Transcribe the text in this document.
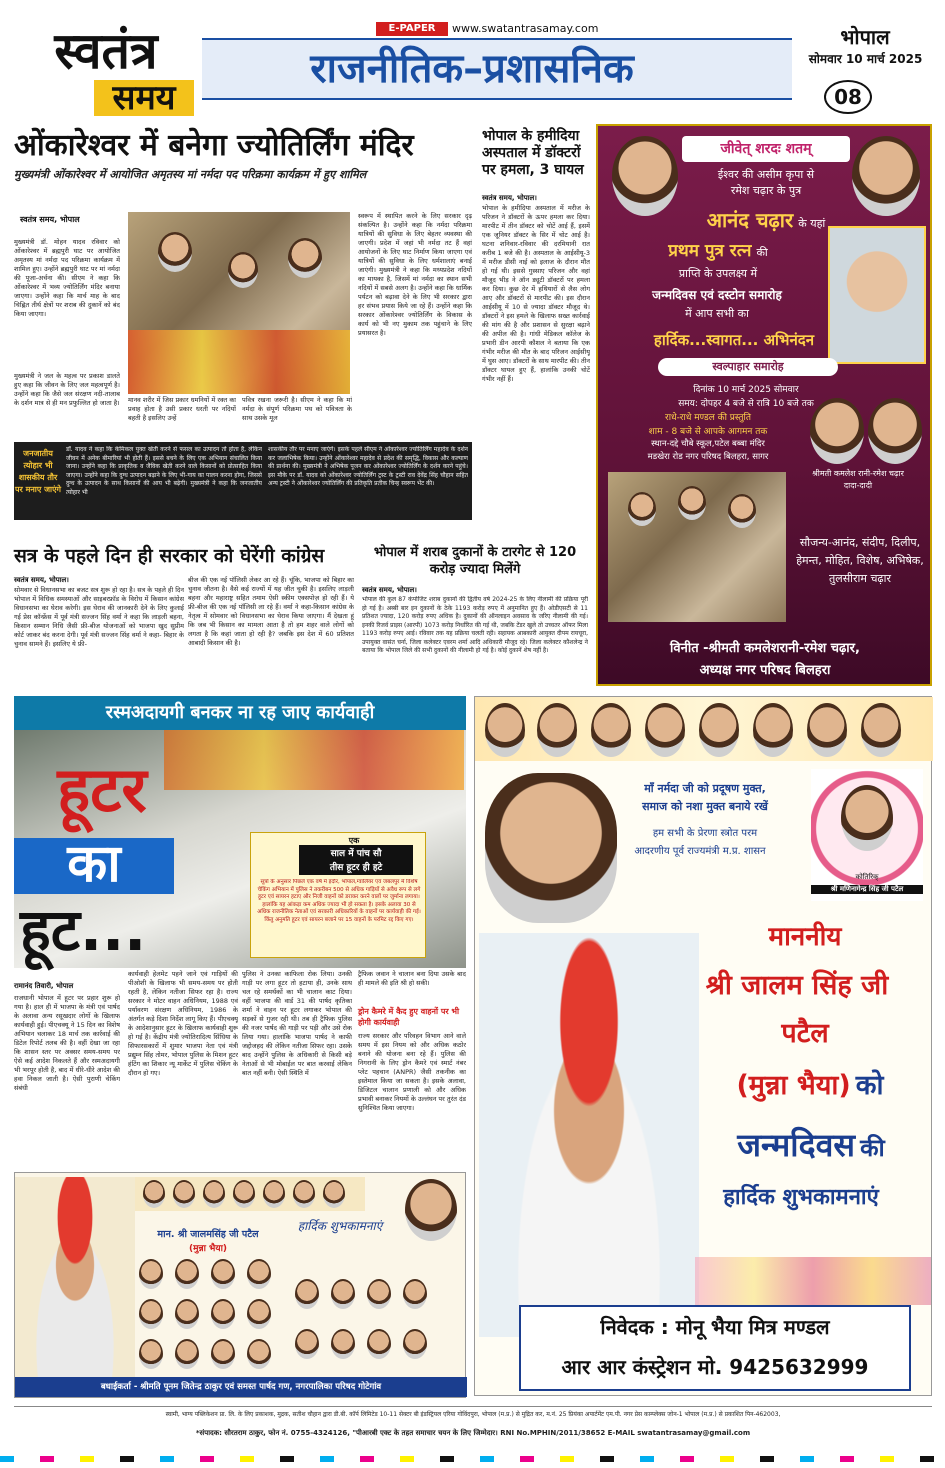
स्वतंत्र
समय
E-PAPER	www.swatantrasamay.com
राजनीतिक–प्रशासनिक
भोपाल
सोमवार 10 मार्च 2025
08
ओंकारेश्वर में बनेगा ज्योतिर्लिंग मंदिर
मुख्यमंत्री ओंकारेश्वर में आयोजित अमृतस्य मां नर्मदा पद परिक्रमा कार्यक्रम में हुए शामिल
स्वतंत्र समय, भोपाल
मुख्यमंत्री डॉ. मोहन यादव रविवार को ओंकारेश्वर में ब्रह्मपुरी घाट पर आयोजित अमृतस्य मां नर्मदा पद परिक्रमा कार्यक्रम में शामिल हुए। उन्होंने ब्रह्मपुरी घाट पर मां नर्मदा की पूजा-अर्चना की। सीएम ने कहा कि ओंकारेश्वर में भव्य ज्योतिर्लिंग मंदिर बनाया जाएगा। उन्होंने कहा कि मार्च माह के बाद चिह्नित तीर्थ क्षेत्रों पर शराब की दुकानें को बंद किया जाएगा।
मुख्यमंत्री ने जल के महत्व पर प्रकाश डालते हुए कहा कि जीवन के लिए जल महत्वपूर्ण है। उन्होंने कहा कि जैसे जल संरक्षण नदी-तालाब के दर्शन मात्र से ही मन प्रफुल्लित हो जाता है। मानव शरीर में जिस प्रकार धमनियों में रक्त का प्रवाह होता है उसी प्रकार धरती पर नदियों बहती है इसलिए उन्हें
पवित्र रखना जरूरी है। सीएम ने कहा कि मां नर्मदा के संपूर्ण परिक्रमा पथ को पवित्रता के साथ उसके मूल
स्वरूप में स्थापित करने के लिए सरकार दृढ़ संकल्पित है। उन्होंने कहा कि नर्मदा परिक्रमा यात्रियों की सुविधा के लिए बेहतर व्यवस्था की जाएगी। प्रदेश में जहां भी नर्मदा तट हैं वहां आयोजनों के लिए घाट निर्माण किया जाएगा एवं यात्रियों की सुविधा के लिए धर्मशालाएं बनाई जाएंगी। मुख्यमंत्री ने कहा कि मध्यप्रदेश नदियों का मायका है, जिसमें मां नर्मदा का स्थान सभी नदियों में सबसे अलग है। उन्होंने कहा कि धार्मिक पर्यटन को बढ़ावा देने के लिए भी सरकार द्वारा हर संभव प्रयास किये जा रहे हैं। उन्होंने कहा कि सरकार ओंकारेश्वर ज्योतिर्लिंग के विकास के कार्य को भी नए मुकाम तक पहुंचाने के लिए प्रयासरत है।
जनजातीय त्योहार भी शासकीय तौर पर मनाए जाएंगे
डॉ. यादव ने कहा कि केमिकल युक्त खेती करने से फसल का उत्पादन तो होता है, लेकिन जीवन में अनेक बीमारियां भी होती हैं। इससे बचने के लिए एक अभियान संचालित किया जाना। उन्होंने कहा कि प्राकृतिक व जैविक खेती करने वाले किसानों को प्रोत्साहित किया जाएगा। उन्होंने कहा कि दुग्ध उत्पादन बढ़ाने के लिए भी-गाय का पालन करना होगा, जिससे दुग्ध के उत्पादन के साथ किसानों की आय भी बढ़ेगी। मुख्यमंत्री ने कहा कि जनजातीय त्योहार भी
शासकीय तौर पर मनाए जाएंगे। इसके पहले सीएम ने ओंकारेश्वर ज्योतिर्लिंग महादेव के दर्शन कर जलाभिषेक किया। उन्होंने ओंकारेश्वर महादेव से प्रदेश की समृद्धि, विकास और कल्याण की प्रार्थना की। मुख्यमंत्री ने अभिषेक पूजन कर ओंकारेश्वर ज्योतिर्लिंग के दर्शन करने पहुंचे। इस मौके पर डॉ. यादव को ओंकारेश्वर ज्योतिर्लिंग ट्रस्ट के ट्रस्टी राव देवेंद्र सिंह चौहान सहित अन्य ट्रस्टी ने ओंकारेश्वर ज्योतिर्लिंग की प्रतिकृति प्रतीक चिन्ह स्वरूप भेंट की।
भोपाल के हमीदिया अस्पताल में डॉक्टरों पर हमला, 3 घायल
स्वतंत्र समय, भोपाल।
भोपाल के हमीदिया अस्पताल में मरीज के परिजन ने डॉक्टरों के ऊपर हमला कर दिया। मारपीट में तीन डॉक्टर को चोटें आई हैं, इसमें एक जूनियर डॉक्टर के सिर में चोट आई है। घटना शनिवार-रविवार की दरमियानी रात करीब 1 बजे की है। अस्पताल के आईसीयू-3 में मरीज डीसी नाई को इलाज के दौरान मौत हो गई थी। इससे गुस्साए परिजन और वहां मौजूद भीड़ ने ऑन ड्यूटी डॉक्टरों पर हमला कर दिया। कुछ देर में हथियारों से लैस लोग आए और डॉक्टरों से मारपीट की। इस दौरान आईसीयू में 10 से ज्यादा डॉक्टर मौजूद थे। डॉक्टरों ने इस हमले के खिलाफ सख्त कार्रवाई की मांग की है और प्रशासन से सुरक्षा बढ़ाने की अपील की है। गांधी मेडिकल कॉलेज के प्रभारी डीन आरपी कौशल ने बताया कि एक गंभीर मरीज की मौत के बाद परिजन आईसीयू में घुस आए। डॉक्टरों के साथ मारपीट की। तीन डॉक्टर घायल हुए हैं, हालांकि उनकी चोटें गंभीर नहीं हैं।
जीवेत् शरदः शतम्
ईश्वर की असीम कृपा से
रमेश चढ़ार के पुत्र
आनंद चढ़ार के यहां
प्रथम पुत्र रत्न की
प्राप्ति के उपलक्ष्य में
जन्मदिवस एवं दस्टोन समारोह
में आप सभी का
हार्दिक...स्वागत... अभिनंदन
स्वल्पाहार समारोह
दिनांक 10 मार्च 2025 सोमवार
समय: दोपहर 4 बजे से रात्रि 10 बजे तक
राधे-राधे मण्डल की प्रस्तुति
शाम - 8 बजे से आपके आगमन तक
स्थान-दद्दे चौबे स्कूल,पटेल बब्बा मंदिर
मडखेरा रोड नगर परिषद बिलहरा, सागर
श्रीमती कमलेश रानी-रमेश चढ़ार
दादा-दादी
सौजन्य-आनंद, संदीप, दिलीप, हेमन्त, मोहित, विशेष, अभिषेक, तुलसीराम चढ़ार
विनीत -श्रीमती कमलेशरानी-रमेश चढ़ार,
अध्यक्ष नगर परिषद बिलहरा
सत्र के पहले दिन ही सरकार को घेरेंगी कांग्रेस
स्वतंत्र समय, भोपाल।
सोमवार से विधानसभा का बजट सत्र शुरू हो रहा है। सत्र के पहले ही दिन भोपाल में विधिक समस्याओं और साइबरफ्रॉड के विरोध में किसान कांग्रेस विधानसभा का घेराव करेगी। इस घेराव की जानकारी देने के लिए कुलाई गई प्रेस कॉन्फ्रेंस में पूर्व मंत्री सज्जन सिंह वर्मा ने कहा कि लाड़ली बहना, किसान सम्मान निधि जैसी फ्री-बीज योजनाओं को भाजपा खुद सुप्रीम कोर्ट जाकर बंद करना देगी। पूर्व मंत्री सज्जन सिंह वर्मा ने कहा- बिहार के चुनाव सामने हैं। इसलिए ये फ्री-
बीज की एक नई पॉलिसी लेकर आ रहे हैं। चूंकि, भाजपा को बिहार का चुनाव जीतना है। वैसे कई राज्यों में यह जीत चुकी है। इसलिए लाड़ली बहना और महाराष्ट्र सहित तमाम ऐसी स्कीम एक्सपोज़ हो रही हैं। ये फ्री-बीज की एक नई पॉलिसी ला रहे हैं। वर्मा ने कहा-किसान कांग्रेस के नेतृत्व में सोमवार को विधानसभा का घेराव किया जाएगा। मैं देखता हूं कि जब भी किसान का मामला आता है तो हम शहर वाले लोगों को लगता है कि कहां जाता हो रही है? जबकि इस देश में 60 प्रतिशत आबादी किसान की है।
भोपाल में शराब दुकानों के टारगेट से 120 करोड़ ज्यादा मिलेंगे
स्वतंत्र समय, भोपाल।
भोपाल की कुल 87 कंपोजिट शराब दुकानों की द्वितीय वर्ष 2024-25 के लिए नीलामी की प्रक्रिया पूरी हो गई है। अब्बी बार इन दुकानों के ठेके 1193 करोड़ रुपए में अनुमानित हुए हैं। ओडीएसटी से 11 प्रतिशत ज्यादा, 120 करोड़ रुपए अधिक है। दुकानों की ऑनलाइन अवसाव के जरिए नीलामी की गई। इनकी रिजर्व प्राइस (आरपी) 1073 करोड़ निर्धारित की गई थी, जबकि टेंडर खुले तो उच्चतर ऑफर मिला 1193 करोड़ रुपए आई। रविवार तक यह प्रक्रिया चलती रही। सहायक आबकारी आयुक्त दीपम रायचूरा, उपायुक्त वासंत चर्ना, जिला कलेक्टर एवरम शर्मा आदि अधिकारी मौजूद रहे। जिला कलेक्टर कौशलेन्द्र ने बताया कि भोपाल जिले की सभी दुकानों की नीलामी हो गई है। कोई दुकानें शेष नहीं है।
रस्मअदायगी बनकर ना रह जाए कार्यवाही
हूटर
का
हूट...
एक
साल में पांच सौ
तीस हूटर ही हटे
सूत्रों के अनुसार पिछले एक वर्ष में इंदौर, भोपाल,ग्वालियर एवं जबलपुर में विशेष चेकिंग अभियान में पुलिस ने तकरीबन 500 से अधिक गाड़ियों से अवैध रूप से लगे हूटर एवं सायरन हटाए और निजी वाहनों को डराकर करने वालों पर जुर्माना लगाया। हालांकि यह आंकड़ा कम अधिक ज्यादा भी हो सकता है। इसके अलावा 30 से अधिक राजनीतिक नेताओं एवं सरकारी अधिकारियों के वाहनों पर कार्यवाही की गई। किंतु अनुमति हूटर एवं सायरन बजाने पर 15 वाहनों के परमिट रद्द किए गए।
रामानंद तिवारी, भोपाल
राजधानी भोपाल में हूटर पर प्रहार शुरू हो गया है। हाल ही में भाजपा के मंत्री एवं पार्षद के अलावा अन्य रसूखदार लोगों के खिलाफ कार्यवाही हुई। पीएचक्यू ने 15 दिन का विशेष अभियान चलाकर 18 मार्च तक कार्रवाई की डिटेल रिपोर्ट तलब की है। वहीं देखा जा रहा कि शासन स्तर पर अक्सर समय-समय पर ऐसे कई आदेश निकलते हैं और रस्मअदायगी भी भरपूर होती है, बाद में धीरे-धीरे आदेश की हवा निकल जाती है। ऐसी पुराणी चेकिंग संबंधी
कार्यवाही हेलमेट पहने जाने एवं गाड़ियों की पीओशी के खिलाफ भी समय-समय पर होती रहती है, लेकिन नतीजा सिफर रहा है। राज्य सरकार ने मोटर वाहन अधिनियम, 1988 एवं पर्यावरण संरक्षण अधिनियम, 1986 के अंतर्गत कड़े दिशा निर्देश लागू किए हैं। पीएचक्यू के आदेशानुसार हूटर के खिलाफ कार्यवाही शुरू हो गई है। केंद्रीय मंत्री ज्योतिरादित्य सिंधिया के सिफारसकारों में शुमार भाजपा नेता एवं मंत्री प्रद्युम्न सिंह तोमर, भोपाल पुलिस के मिशन हूटर हंटिंग का शिकार न्यू मार्केट में पुलिस चेकिंग के दौरान हो गए।
पुलिस ने उनका काफिला रोक लिया। उनकी गाड़ी पर लगा हूटर तो हटाया ही, उनके साथ चल रहे समर्थकों का भी चालान काट दिया। वहीं भाजपा की वार्ड 31 की पार्षद कृतिका शर्मा ने वाहन पर हूटर लगाकर भोपाल की सड़कों से गुजर रही थी। तब ही ट्रैफिक पुलिस की नजर पार्षद की गाड़ी पर पड़ी और उसे रोक लिया गया। हालांकि भाजपा पार्षद ने काफी जद्दोजहद की लेकिन नतीजा सिफर रहा। उसके बाद उन्होंने पुलिस के अधिकारी से किसी बड़े नेताओं से भी मोबाईल पर बात करवाई लेकिन बात नहीं बनी। ऐसी स्थिति में
ट्रैफिक जवान ने चालान बना दिया उसके बाद ही मामले की इति श्री हो सकी।
ड्रोन कैमरे में कैद हुए वाहनों पर भी होगी कार्यवाही
राज्य सरकार और परिवहन विभाग आने वाले समय में इस नियम को और अधिक कठोर बनाने की योजना बना रहे हैं। पुलिस की निगरानी के लिए ड्रोन कैमरे एवं स्मार्ट नंबर प्लेट पहचान (ANPR) जैसी तकनीक का इस्तेमाल किया जा सकता है। इसके अलावा, डिजिटल चालान प्रणाली को और अधिक प्रभावी बनाकर नियमों के उल्लंघन पर तुरंत दंड सुनिश्चित किया जाएगा।
माँ नर्मदा जी को प्रदूषण मुक्त,
समाज को नशा मुक्त बनाये रखें
हम सभी के प्रेरणा स्त्रोत परम
आदरणीय पूर्व राज्यमंत्री म.प्र. शासन
कोतिरिक्
श्री मणिनागेन्द्र सिंह जी पटैल
माननीय
श्री जालम सिंह जी
पटैल
(मुन्ना भैया) को
जन्मदिवस की
हार्दिक शुभकामनाएं
निवेदक : मोनू भैया मित्र मण्डल
आर आर कंस्ट्रेशन मो. 9425632999
मान. श्री जालमसिंह जी पटैल
(मुन्ना भैया)
हार्दिक शुभकामनाएं
बधाईकर्ता - श्रीमति पूनम जितेन्द्र ठाकुर एवं समस्त पार्षद गण, नगरपालिका परिषद गोटेगांव
स्वामी, भाग्य पब्लिकेशन प्रा. लि. के लिए प्रकाशक, मुद्रक, सतीश चौहान द्वारा डी.बी. कॉर्प लिमिटेड 10-11 सेक्टर बी इंडस्ट्रियल एरिया गोविंदपुरा, भोपाल (म.प्र.) से मुद्रित कर, म.नं. 25 प्रियंका अपार्टमेंट एम.पी. नगर प्रेस काम्प्लेक्स जोन-1 भोपाल (म.प्र.) से प्रकाशित पिन-462003,
*संपादक: सौरतराम ठाकुर, फोन नं. 0755-4324126, "पीआरबी एक्ट के तहत समाचार चयन के लिए जिम्मेदार। RNI No.MPHIN/2011/38652 E-MAIL swatantrasamay@gmail.com
